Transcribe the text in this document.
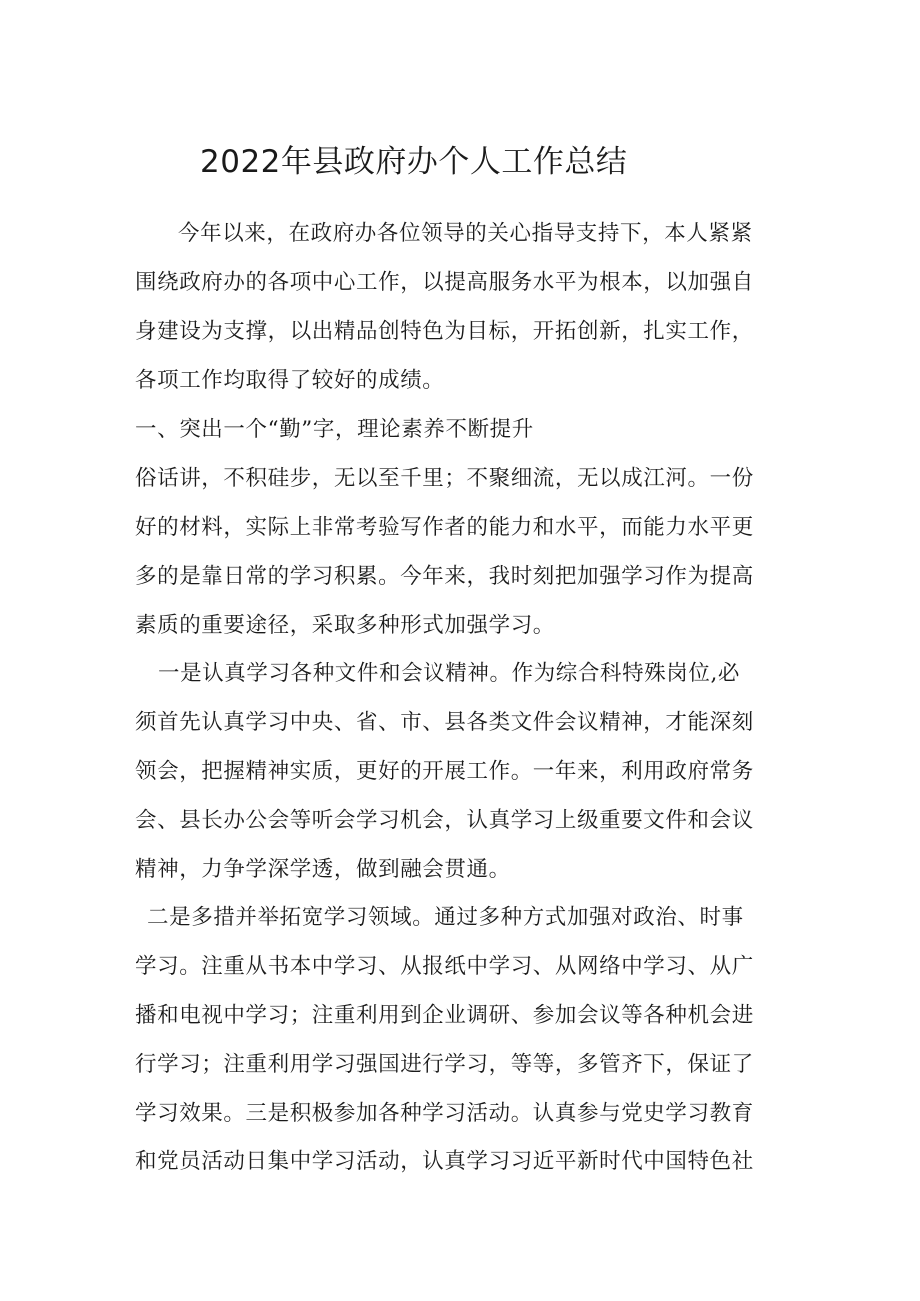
2022年县政府办个人工作总结

今年以来，在政府办各位领导的关心指导支持下，本人紧紧

围绕政府办的各项中心工作，以提高服务水平为根本，以加强自

身建设为支撑，以出精品创特色为目标，开拓创新，扎实工作，

各项工作均取得了较好的成绩。

一、突出一个“勤”字，理论素养不断提升

俗话讲，不积硅步，无以至千里；不聚细流，无以成江河。一份

好的材料，实际上非常考验写作者的能力和水平，而能力水平更

多的是靠日常的学习积累。今年来，我时刻把加强学习作为提高

素质的重要途径，采取多种形式加强学习。

一是认真学习各种文件和会议精神。作为综合科特殊岗位,必

须首先认真学习中央、省、市、县各类文件会议精神，才能深刻

领会，把握精神实质，更好的开展工作。一年来，利用政府常务

会、县长办公会等听会学习机会，认真学习上级重要文件和会议

精神，力争学深学透，做到融会贯通。

二是多措并举拓宽学习领域。通过多种方式加强对政治、时事

学习。注重从书本中学习、从报纸中学习、从网络中学习、从广

播和电视中学习；注重利用到企业调研、参加会议等各种机会进

行学习；注重利用学习强国进行学习，等等，多管齐下，保证了

学习效果。三是积极参加各种学习活动。认真参与党史学习教育

和党员活动日集中学习活动，认真学习习近平新时代中国特色社
